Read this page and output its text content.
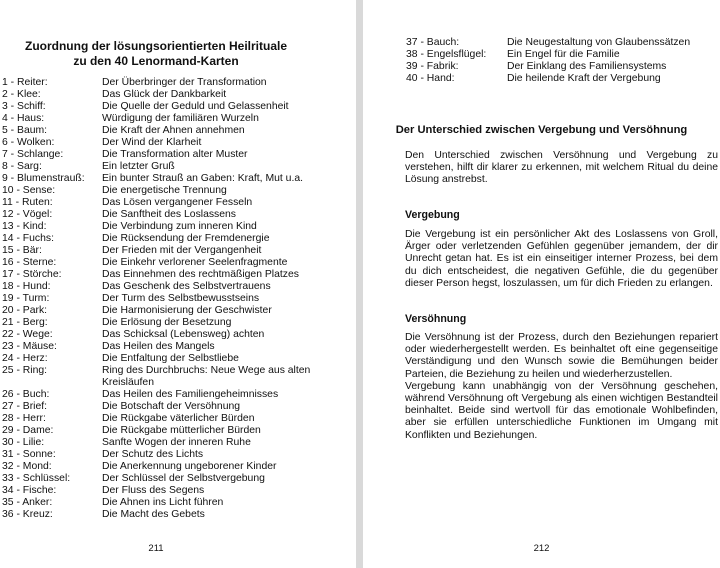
Zuordnung der lösungsorientierten Heilrituale
zu den 40 Lenormand-Karten
1 - Reiter:	Der Überbringer der Transformation
2 - Klee:	Das Glück der Dankbarkeit
3 - Schiff:	Die Quelle der Geduld und Gelassenheit
4 - Haus:	Würdigung der familiären Wurzeln
5 - Baum:	Die Kraft der Ahnen annehmen
6 - Wolken:	Der Wind der Klarheit
7 - Schlange:	Die Transformation alter Muster
8 - Sarg:	Ein letzter Gruß
9 - Blumenstrauß: Ein bunter Strauß an Gaben: Kraft, Mut u.a.
10 - Sense:	Die energetische Trennung
11 - Ruten:	Das Lösen vergangener Fesseln
12 - Vögel:	Die Sanftheit des Loslassens
13 - Kind:	Die Verbindung zum inneren Kind
14 - Fuchs:	Die Rücksendung der Fremdenergie
15 - Bär:	Der Frieden mit der Vergangenheit
16 - Sterne:	Die Einkehr verlorener Seelenfragmente
17 - Störche:	Das Einnehmen des rechtmäßigen Platzes
18 - Hund:	Das Geschenk des Selbstvertrauens
19 - Turm:	Der Turm des Selbstbewusstseins
20 - Park:	Die Harmonisierung der Geschwister
21 - Berg:	Die Erlösung der Besetzung
22 - Wege:	Das Schicksal (Lebensweg) achten
23 - Mäuse:	Das Heilen des Mangels
24 - Herz:	Die Entfaltung der Selbstliebe
25 - Ring:	Ring des Durchbruchs: Neue Wege aus alten Kreisläufen
26 - Buch:	Das Heilen des Familiengeheimnisses
27 - Brief:	Die Botschaft der Versöhnung
28 - Herr:	Die Rückgabe väterlicher Bürden
29 - Dame:	Die Rückgabe mütterlicher Bürden
30 - Lilie:	Sanfte Wogen der inneren Ruhe
31 - Sonne:	Der Schutz des Lichts
32 - Mond:	Die Anerkennung ungeborener Kinder
33 - Schlüssel:	Der Schlüssel der Selbstvergebung
34 - Fische:	Der Fluss des Segens
35 - Anker:	Die Ahnen ins Licht führen
36 - Kreuz:	Die Macht des Gebets
211
37 - Bauch:	Die Neugestaltung von Glaubenssätzen
38 - Engelsflügel: Ein Engel für die Familie
39 - Fabrik:	Der Einklang des Familiensystems
40 - Hand:	Die heilende Kraft der Vergebung
Der Unterschied zwischen Vergebung und Versöhnung

Den Unterschied zwischen Versöhnung und Vergebung zu verstehen, hilft dir klarer zu erkennen, mit welchem Ritual du deine Lösung anstrebst.

Vergebung

Die Vergebung ist ein persönlicher Akt des Loslassens von Groll, Ärger oder verletzenden Gefühlen gegenüber jemandem, der dir Unrecht getan hat. Es ist ein einseitiger interner Prozess, bei dem du dich entscheidest, die negativen Gefühle, die du gegenüber dieser Person hegst, loszulassen, um für dich Frieden zu erlangen.

Versöhnung
Die Versöhnung ist der Prozess, durch den Beziehungen repariert oder wiederhergestellt werden. Es beinhaltet oft eine gegenseitige Verständigung und den Wunsch sowie die Bemühungen beider Parteien, die Beziehung zu heilen und wiederherzustellen.
Vergebung kann unabhängig von der Versöhnung geschehen, während Versöhnung oft Vergebung als einen wichtigen Bestandteil beinhaltet. Beide sind wertvoll für das emotionale Wohlbefinden, aber sie erfüllen unterschiedliche Funktionen im Umgang mit Konflikten und Beziehungen.
212
